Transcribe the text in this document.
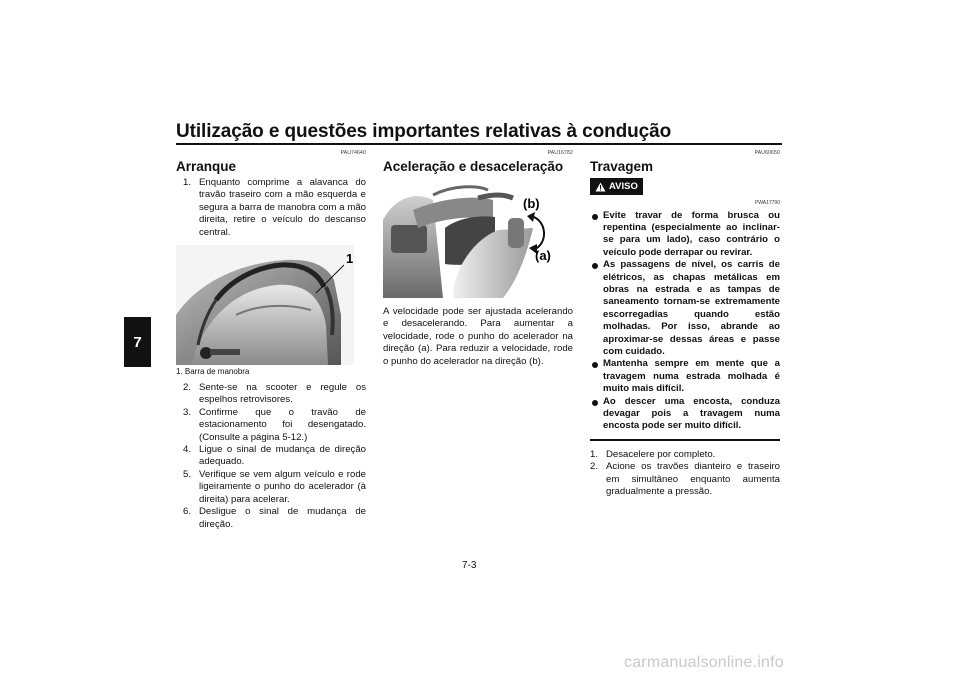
Utilização e questões importantes relativas à condução
7
PAU74640
Arranque
1. Enquanto comprime a alavanca do travão traseiro com a mão esquerda e segura a barra de manobra com a mão direita, retire o veículo do descanso central.
1
1. Barra de manobra
2. Sente-se na scooter e regule os espelhos retrovisores.
3. Confirme que o travão de estacionamento foi desengatado. (Consulte a página 5-12.)
4. Ligue o sinal de mudança de direção adequado.
5. Verifique se vem algum veículo e rode ligeiramente o punho do acelerador (à direita) para acelerar.
6. Desligue o sinal de mudança de direção.
PAU16782
Aceleração e desaceleração
(b)
(a)
A velocidade pode ser ajustada acelerando e desacelerando. Para aumentar a velocidade, rode o punho do acelerador na direção (a). Para reduzir a velocidade, rode o punho do acelerador na direção (b).
PAU60650
Travagem
AVISO
PWA17790
Evite travar de forma brusca ou repentina (especialmente ao inclinar-se para um lado), caso contrário o veículo pode derrapar ou revirar.
As passagens de nível, os carris de elétricos, as chapas metálicas em obras na estrada e as tampas de saneamento tornam-se extremamente escorregadias quando estão molhadas. Por isso, abrande ao aproximar-se dessas áreas e passe com cuidado.
Mantenha sempre em mente que a travagem numa estrada molhada é muito mais difícil.
Ao descer uma encosta, conduza devagar pois a travagem numa encosta pode ser muito difícil.
1. Desacelere por completo.
2. Acione os travões dianteiro e traseiro em simultâneo enquanto aumenta gradualmente a pressão.
7-3
carmanualsonline.info
